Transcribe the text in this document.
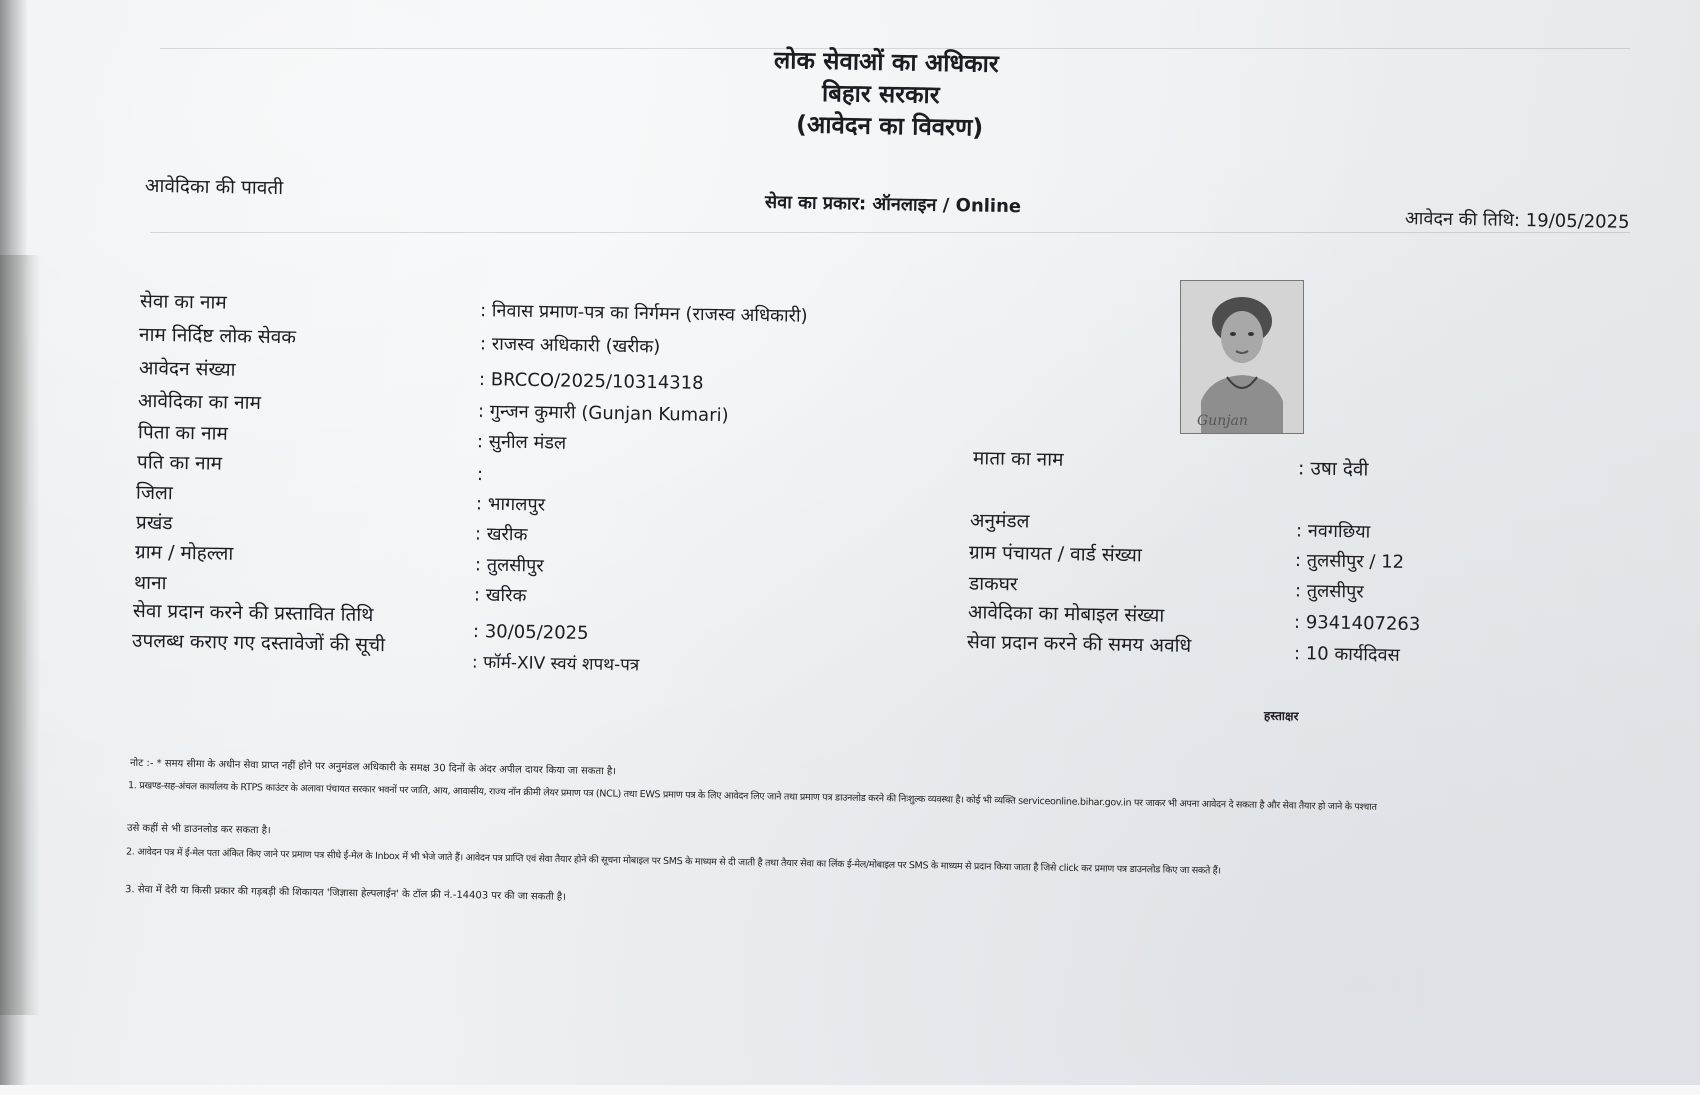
लोक सेवाओं का अधिकार
बिहार सरकार
(आवेदन का विवरण)
आवेदिका की पावती
सेवा का प्रकार: ऑनलाइन / Online
आवेदन की तिथि: 19/05/2025
सेवा का नाम
नाम निर्दिष्ट लोक सेवक
आवेदन संख्या
आवेदिका का नाम
पिता का नाम
पति का नाम
जिला
प्रखंड
ग्राम / मोहल्ला
थाना
सेवा प्रदान करने की प्रस्तावित तिथि
उपलब्ध कराए गए दस्तावेजों की सूची
: निवास प्रमाण-पत्र का निर्गमन (राजस्व अधिकारी)
: राजस्व अधिकारी (खरीक)
: BRCCO/2025/10314318
: गुन्जन कुमारी (Gunjan Kumari)
: सुनील मंडल
:
: भागलपुर
: खरीक
: तुलसीपुर
: खरिक
: 30/05/2025
: फॉर्म-XIV स्वयं शपथ-पत्र
Gunjan
माता का नाम
अनुमंडल
ग्राम पंचायत / वार्ड संख्या
डाकघर
आवेदिका का मोबाइल संख्या
सेवा प्रदान करने की समय अवधि
: उषा देवी
: नवगछिया
: तुलसीपुर / 12
: तुलसीपुर
: 9341407263
: 10 कार्यदिवस
हस्ताक्षर
नोट :- * समय सीमा के अधीन सेवा प्राप्त नहीं होने पर अनुमंडल अधिकारी के समक्ष 30 दिनों के अंदर अपील दायर किया जा सकता है।
1. प्रखण्ड-सह-अंचल कार्यालय के RTPS काउंटर के अलावा पंचायत सरकार भवनों पर जाति, आय, आवासीय, राज्य नॉन क्रीमी लेयर प्रमाण पत्र (NCL) तथा EWS प्रमाण पत्र के लिए आवेदन लिए जाने तथा प्रमाण पत्र डाउनलोड करने की निःशुल्क व्यवस्था है। कोई भी व्यक्ति serviceonline.bihar.gov.in पर जाकर भी अपना आवेदन दे सकता है और सेवा तैयार हो जाने के पश्चात
उसे कहीं से भी डाउनलोड कर सकता है।
2. आवेदन पत्र में ई-मेल पता अंकित किए जाने पर प्रमाण पत्र सीधे ई-मेल के Inbox में भी भेजे जाते हैं। आवेदन पत्र प्राप्ति एवं सेवा तैयार होने की सूचना मोबाइल पर SMS के माध्यम से दी जाती है तथा तैयार सेवा का लिंक ई-मेल/मोबाइल पर SMS के माध्यम से प्रदान किया जाता है जिसे click कर प्रमाण पत्र डाउनलोड किए जा सकते हैं।
3. सेवा में देरी या किसी प्रकार की गड़बड़ी की शिकायत 'जिज्ञासा हेल्पलाईन' के टॉल फ्री नं.-14403 पर की जा सकती है।
